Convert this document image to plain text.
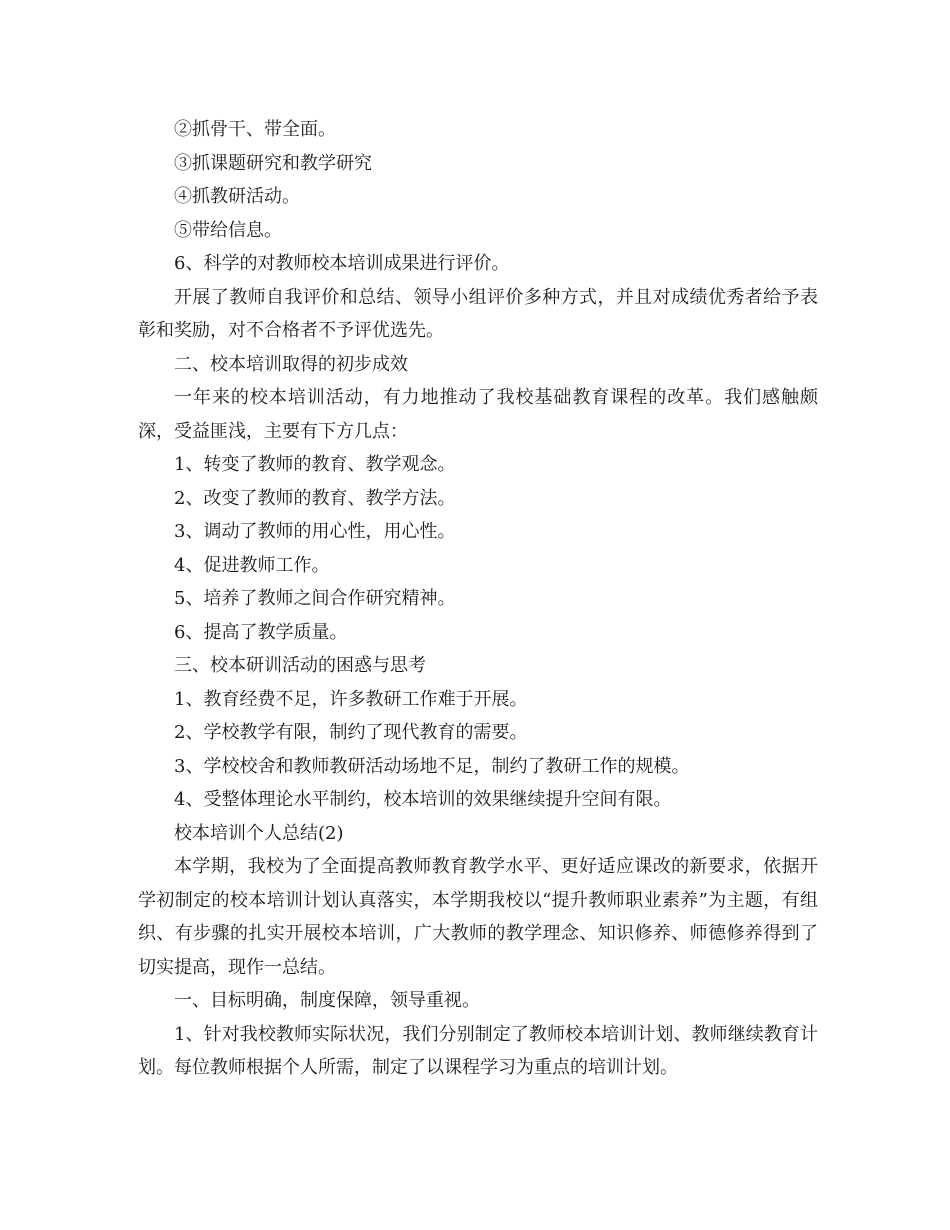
②抓骨干、带全面。

③抓课题研究和教学研究

④抓教研活动。

⑤带给信息。

6、科学的对教师校本培训成果进行评价。

开展了教师自我评价和总结、领导小组评价多种方式，并且对成绩优秀者给予表彰和奖励，对不合格者不予评优选先。

二、校本培训取得的初步成效

一年来的校本培训活动，有力地推动了我校基础教育课程的改革。我们感触颇深，受益匪浅，主要有下方几点：

1、转变了教师的教育、教学观念。

2、改变了教师的教育、教学方法。

3、调动了教师的用心性，用心性。

4、促进教师工作。

5、培养了教师之间合作研究精神。

6、提高了教学质量。

三、校本研训活动的困惑与思考

1、教育经费不足，许多教研工作难于开展。

2、学校教学有限，制约了现代教育的需要。

3、学校校舍和教师教研活动场地不足，制约了教研工作的规模。

4、受整体理论水平制约，校本培训的效果继续提升空间有限。

校本培训个人总结(2)

本学期，我校为了全面提高教师教育教学水平、更好适应课改的新要求，依据开学初制定的校本培训计划认真落实，本学期我校以“提升教师职业素养”为主题，有组织、有步骤的扎实开展校本培训，广大教师的教学理念、知识修养、师德修养得到了切实提高，现作一总结。

一、目标明确，制度保障，领导重视。

1、针对我校教师实际状况，我们分别制定了教师校本培训计划、教师继续教育计划。每位教师根据个人所需，制定了以课程学习为重点的培训计划。
